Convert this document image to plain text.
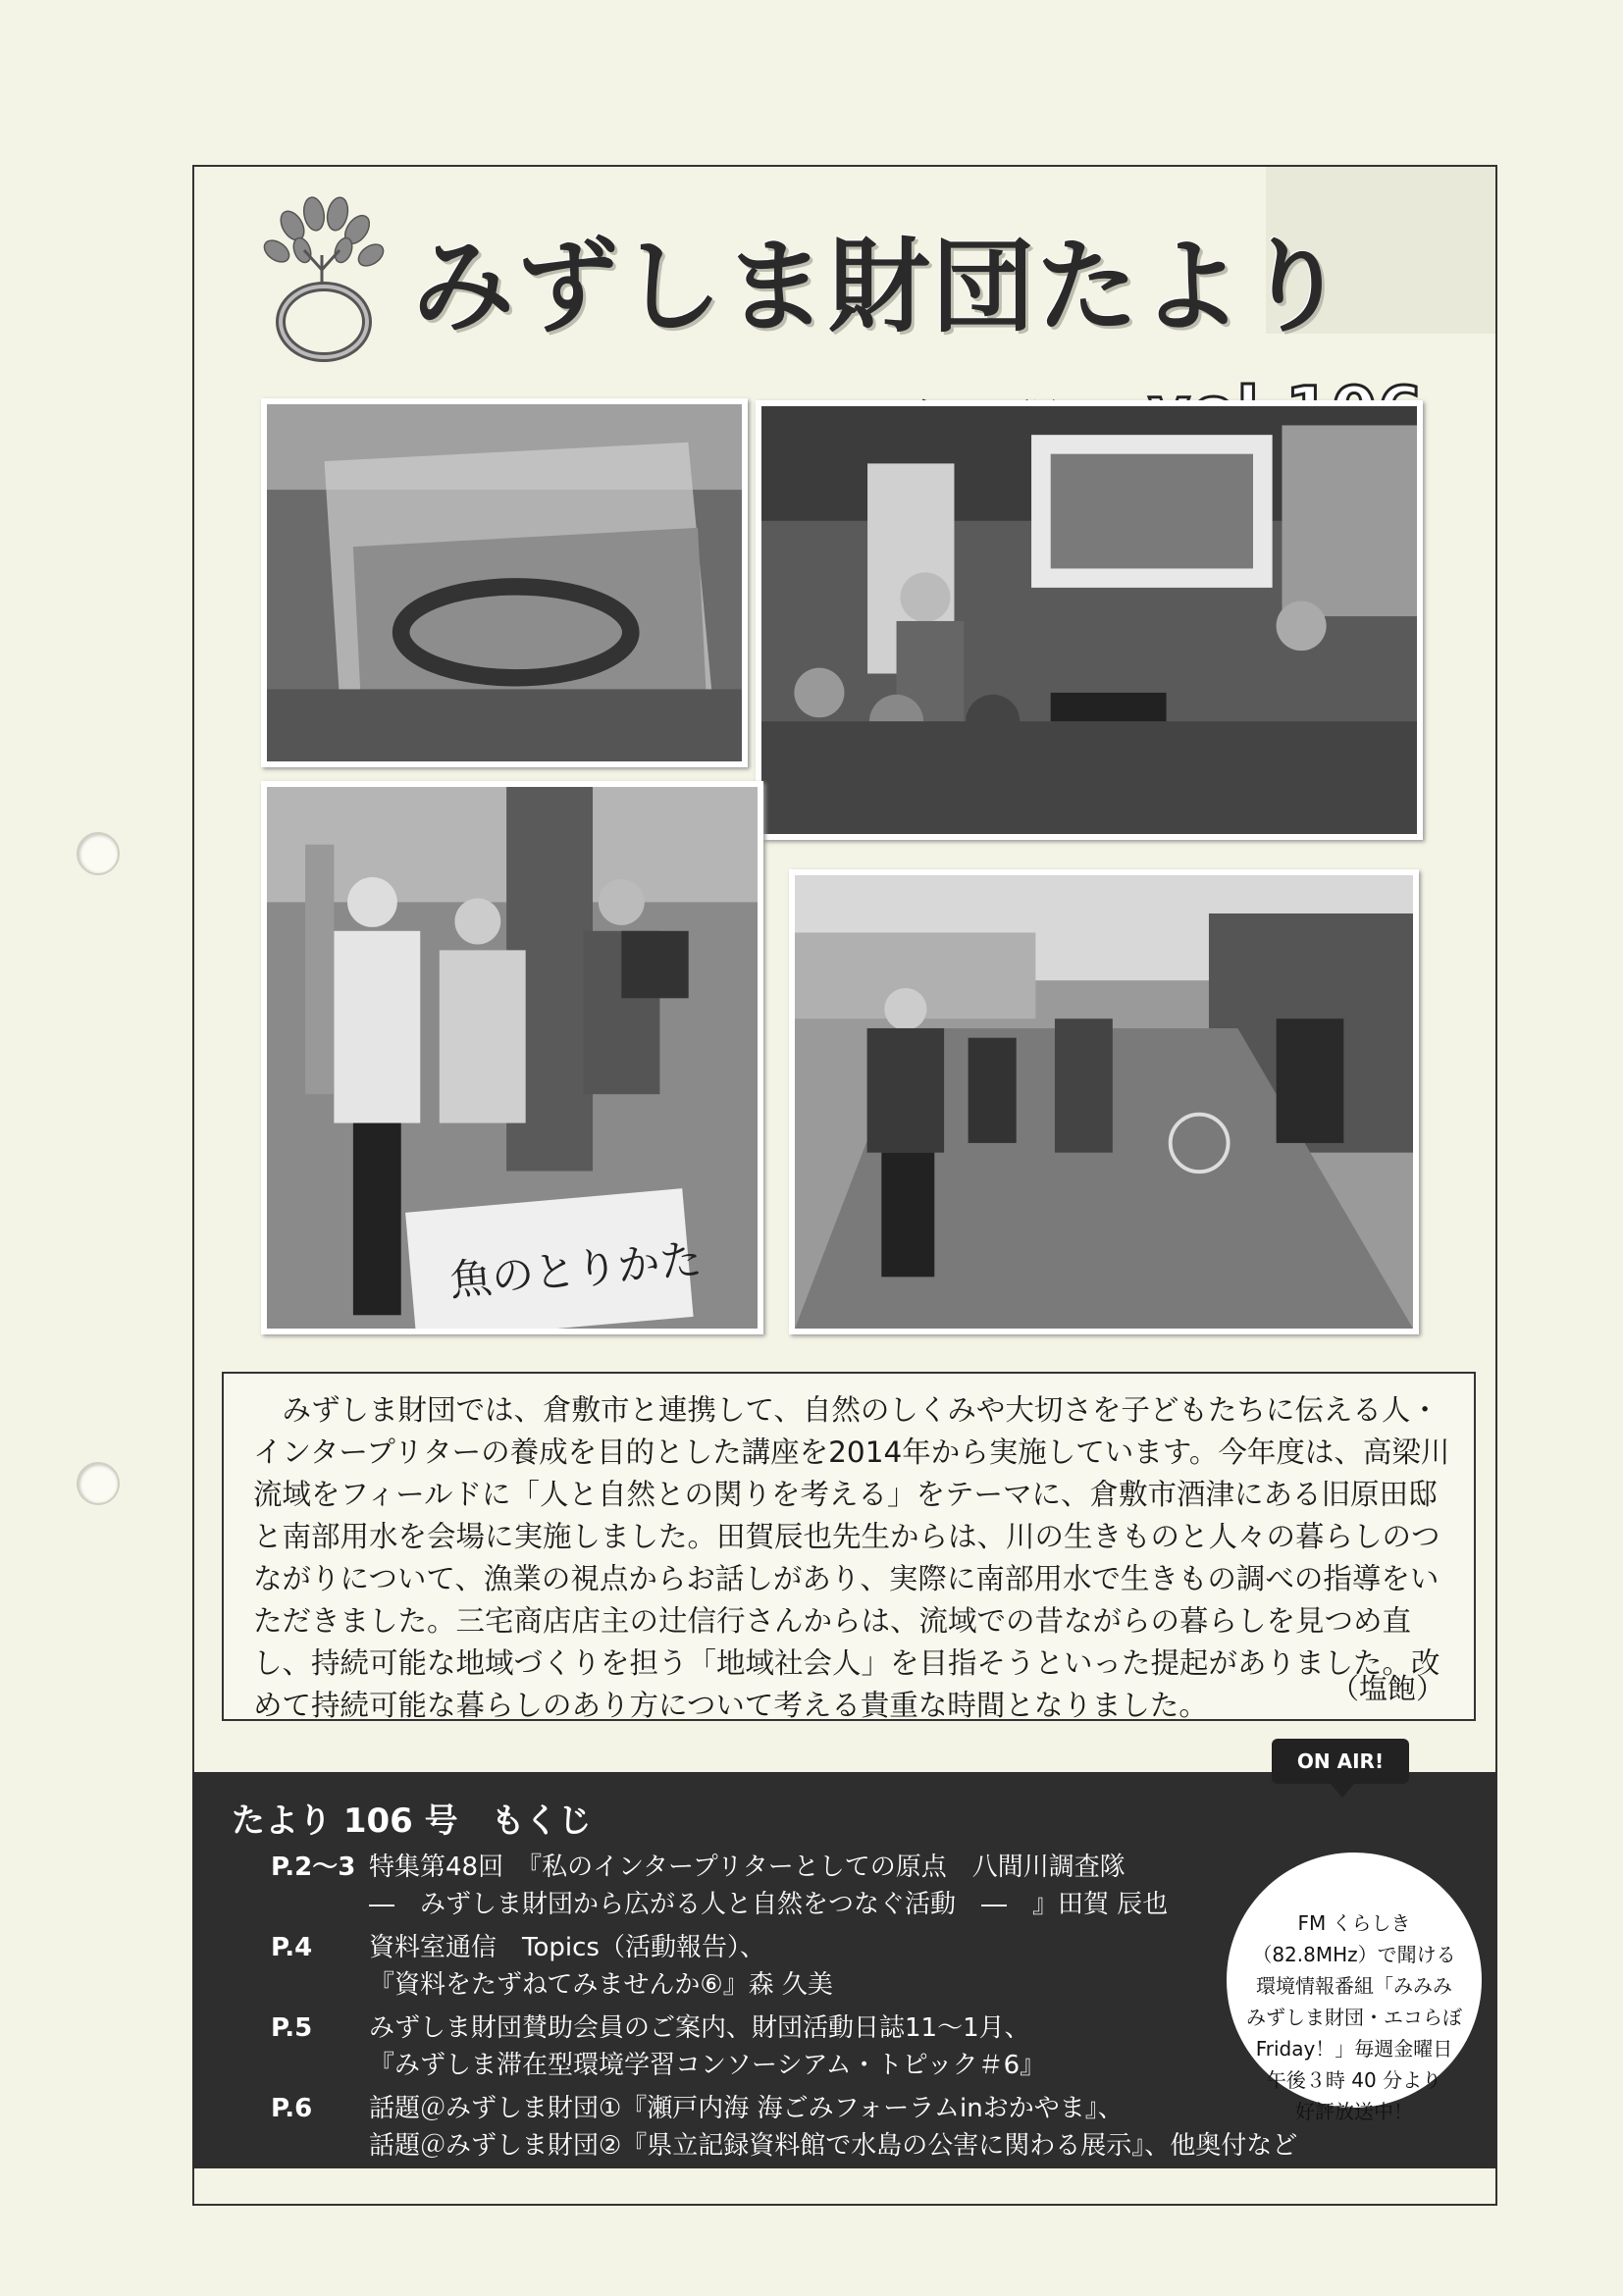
みずしま財団たより
魚のとりかた

みずしま財団では、倉敷市と連携して、自然のしくみや大切さを子どもたちに伝える人・インタープリターの養成を目的とした講座を2014年から実施しています。今年度は、高梁川流域をフィールドに「人と自然との関りを考える」をテーマに、倉敷市酒津にある旧原田邸と南部用水を会場に実施しました。田賀辰也先生からは、川の生きものと人々の暮らしのつながりについて、漁業の視点からお話しがあり、実際に南部用水で生きもの調べの指導をいただきました。三宅商店店主の辻信行さんからは、流域での昔ながらの暮らしを見つめ直し、持続可能な地域づくりを担う「地域社会人」を目指そうといった提起がありました。改めて持続可能な暮らしのあり方について考える貴重な時間となりました。	（塩飽）
たより 106 号　もくじ
P.2～3 特集第48回　『私のインタープリターとしての原点　八間川調査隊
―　みずしま財団から広がる人と自然をつなぐ活動　―　』田賀 辰也
P.4 資料室通信　Topics（活動報告）、
『資料をたずねてみませんか⑥』森 久美
P.5 みずしま財団賛助会員のご案内、財団活動日誌11～1月、
『みずしま滞在型環境学習コンソーシアム・トピック＃6』
P.6 話題＠みずしま財団①『瀬戸内海 海ごみフォーラムinおかやま』、
話題＠みずしま財団②『県立記録資料館で水島の公害に関わる展示』、他奥付など
FM くらしき
（82.8MHz）で聞ける
環境情報番組「みみみ
みずしま財団・エコらぼ
Friday！」毎週金曜日
午後３時 40 分より
好評放送中！
ON AIR!
